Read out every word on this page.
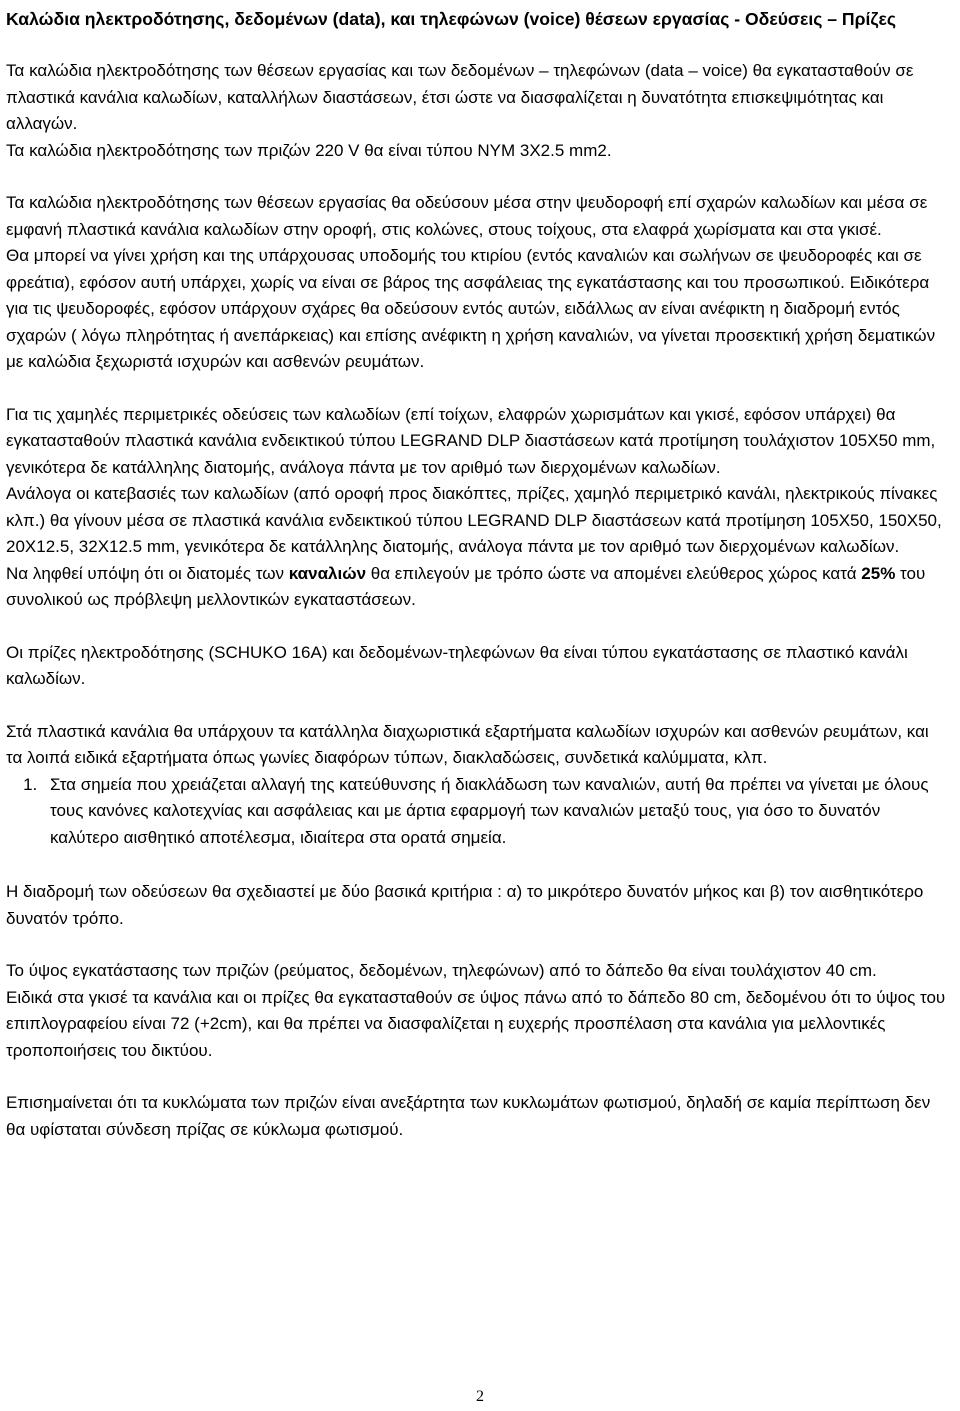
Καλώδια ηλεκτροδότησης, δεδομένων (data), και τηλεφώνων (voice) θέσεων εργασίας - Οδεύσεις – Πρίζες

Τα καλώδια ηλεκτροδότησης των θέσεων εργασίας και των δεδομένων – τηλεφώνων (data – voice) θα εγκατασταθούν σε πλαστικά κανάλια καλωδίων, καταλλήλων διαστάσεων, έτσι ώστε να διασφαλίζεται η δυνατότητα επισκεψιμότητας και αλλαγών.

Τα καλώδια ηλεκτροδότησης των πριζών 220 V θα είναι τύπου NYM 3X2.5 mm2.

Τα καλώδια ηλεκτροδότησης των θέσεων εργασίας θα οδεύσουν μέσα στην ψευδοροφή επί σχαρών καλωδίων και μέσα σε εμφανή πλαστικά κανάλια καλωδίων στην οροφή, στις κολώνες, στους τοίχους, στα ελαφρά χωρίσματα και στα γκισέ.

Θα μπορεί να γίνει χρήση και της υπάρχουσας υποδομής του κτιρίου (εντός καναλιών και σωλήνων σε ψευδοροφές και σε φρεάτια), εφόσον αυτή υπάρχει, χωρίς να είναι σε βάρος της ασφάλειας της εγκατάστασης και του προσωπικού. Ειδικότερα για τις ψευδοροφές, εφόσον υπάρχουν σχάρες θα οδεύσουν εντός αυτών, ειδάλλως αν είναι ανέφικτη η διαδρομή εντός σχαρών ( λόγω πληρότητας ή ανεπάρκειας) και επίσης ανέφικτη η χρήση καναλιών, να γίνεται προσεκτική χρήση δεματικών με καλώδια ξεχωριστά ισχυρών και ασθενών ρευμάτων.

Για τις χαμηλές περιμετρικές οδεύσεις των καλωδίων (επί τοίχων, ελαφρών χωρισμάτων και γκισέ, εφόσον υπάρχει) θα εγκατασταθούν πλαστικά κανάλια ενδεικτικού τύπου LEGRAND DLP διαστάσεων κατά προτίμηση τουλάχιστον 105X50 mm, γενικότερα δε κατάλληλης διατομής, ανάλογα πάντα με τον αριθμό των διερχομένων καλωδίων.

Ανάλογα οι κατεβασιές των καλωδίων (από οροφή προς διακόπτες, πρίζες, χαμηλό περιμετρικό κανάλι, ηλεκτρικούς πίνακες κλπ.) θα γίνουν μέσα σε πλαστικά κανάλια ενδεικτικού τύπου LEGRAND DLP διαστάσεων κατά προτίμηση 105X50, 150X50, 20X12.5, 32X12.5 mm, γενικότερα δε κατάλληλης διατομής, ανάλογα πάντα με τον αριθμό των διερχομένων καλωδίων.

Να ληφθεί υπόψη ότι οι διατομές των καναλιών θα επιλεγούν με τρόπο ώστε να απομένει ελεύθερος χώρος κατά 25% του συνολικού ως πρόβλεψη μελλοντικών εγκαταστάσεων.

Οι πρίζες ηλεκτροδότησης (SCHUKO 16A) και δεδομένων-τηλεφώνων θα είναι τύπου εγκατάστασης σε πλαστικό κανάλι καλωδίων.

Στά πλαστικά κανάλια θα υπάρχουν τα κατάλληλα διαχωριστικά εξαρτήματα καλωδίων ισχυρών και ασθενών ρευμάτων, και τα λοιπά ειδικά εξαρτήματα όπως γωνίες διαφόρων τύπων, διακλαδώσεις, συνδετικά καλύμματα, κλπ.

1. Στα σημεία που χρειάζεται αλλαγή της κατεύθυνσης ή διακλάδωση των καναλιών, αυτή θα πρέπει να γίνεται με όλους τους κανόνες καλοτεχνίας και ασφάλειας και με άρτια εφαρμογή των καναλιών μεταξύ τους, για όσο το δυνατόν καλύτερο αισθητικό αποτέλεσμα, ιδιαίτερα στα ορατά σημεία.

Η διαδρομή των οδεύσεων θα σχεδιαστεί με δύο βασικά κριτήρια : α) το μικρότερο δυνατόν μήκος και β) τον αισθητικότερο δυνατόν τρόπο.

Το ύψος εγκατάστασης των πριζών (ρεύματος, δεδομένων, τηλεφώνων) από το δάπεδο θα είναι τουλάχιστον 40 cm.

Ειδικά στα γκισέ τα κανάλια και οι πρίζες θα εγκατασταθούν σε ύψος πάνω από το δάπεδο 80 cm, δεδομένου ότι το ύψος του επιπλογραφείου είναι 72 (+2cm), και θα πρέπει να διασφαλίζεται η ευχερής προσπέλαση στα κανάλια για μελλοντικές τροποποιήσεις του δικτύου.

Επισημαίνεται ότι τα κυκλώματα των πριζών είναι ανεξάρτητα των κυκλωμάτων φωτισμού, δηλαδή σε καμία περίπτωση δεν θα υφίσταται σύνδεση πρίζας σε κύκλωμα φωτισμού.

2
